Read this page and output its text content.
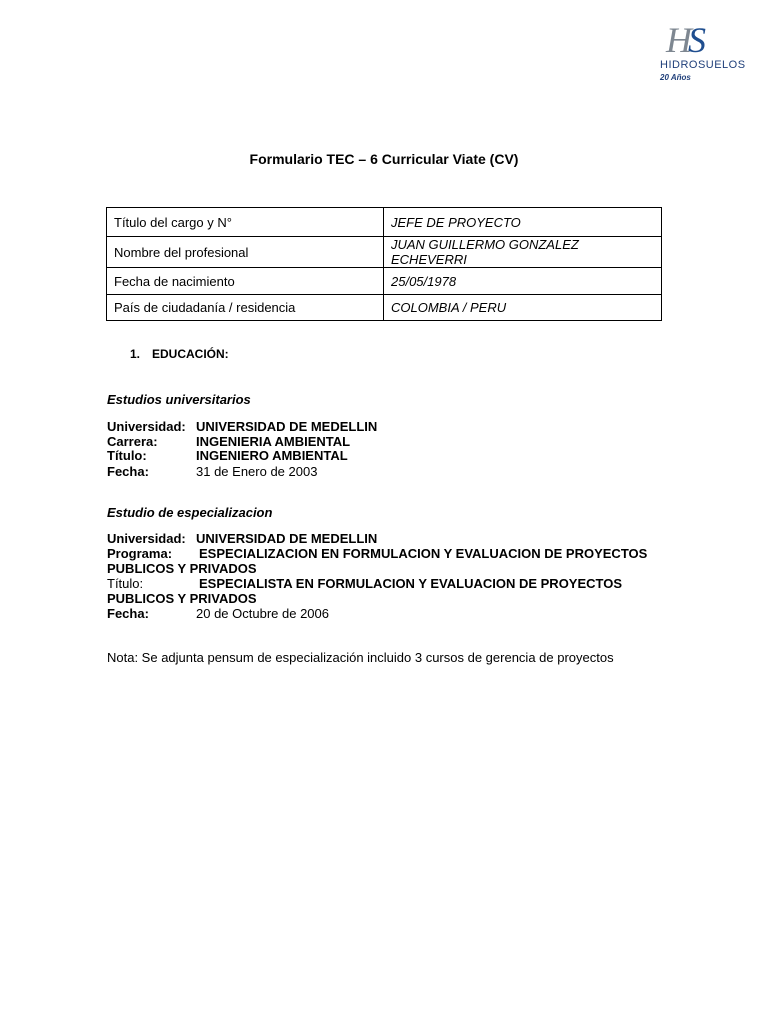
HS
HIDROSUELOS
20 Años
Formulario TEC – 6 Curricular Viate (CV)
Título del cargo y N°	JEFE DE PROYECTO
Nombre del profesional	JUAN GUILLERMO GONZALEZ ECHEVERRI
Fecha de nacimiento	25/05/1978
País de ciudadanía / residencia	COLOMBIA / PERU
1. EDUCACIÓN:
Estudios universitarios
Universidad: UNIVERSIDAD DE MEDELLIN
Carrera:	INGENIERIA AMBIENTAL
Título:	INGENIERO AMBIENTAL
Fecha:	31 de Enero de 2003
Estudio de especializacion
Universidad: UNIVERSIDAD DE MEDELLIN
Programa: ESPECIALIZACION EN FORMULACION Y EVALUACION DE PROYECTOS
PUBLICOS Y PRIVADOS
Título:	ESPECIALISTA EN FORMULACION Y EVALUACION DE PROYECTOS
PUBLICOS Y PRIVADOS
Fecha:	20 de Octubre de 2006
Nota: Se adjunta pensum de especialización incluido 3 cursos de gerencia de proyectos
